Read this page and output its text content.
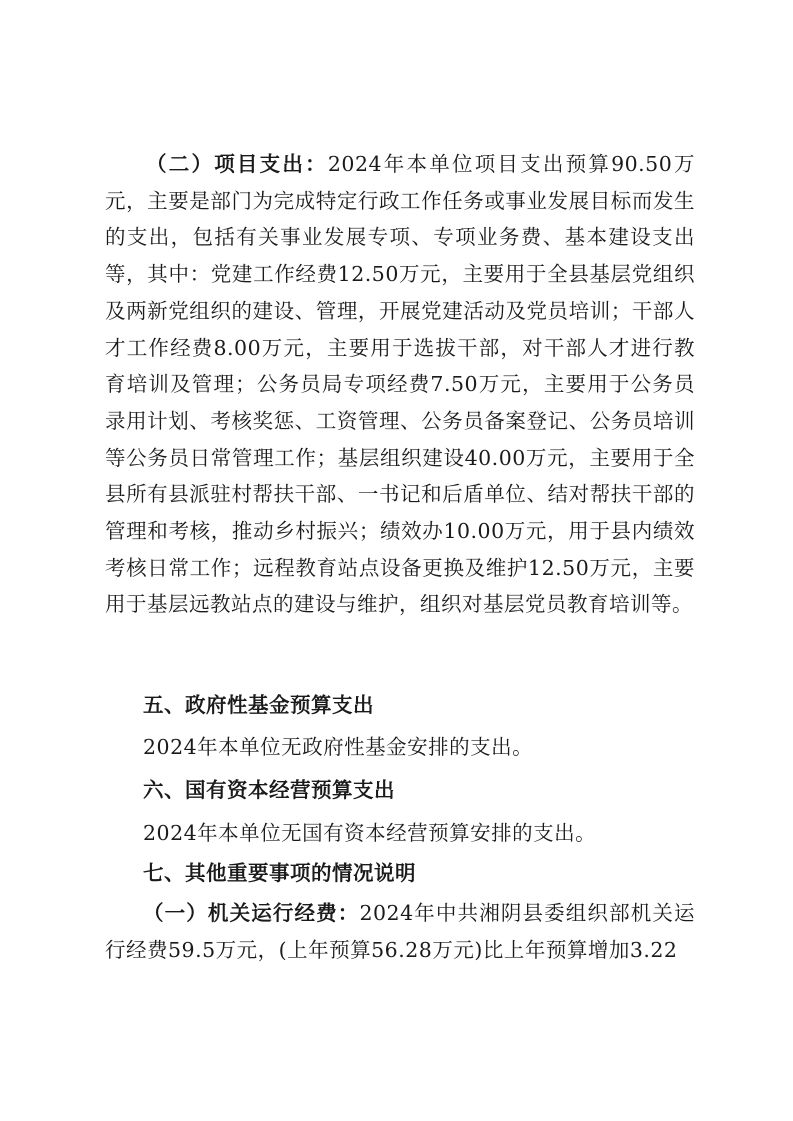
（二）项目支出：2024年本单位项目支出预算90.50万元，主要是部门为完成特定行政工作任务或事业发展目标而发生的支出，包括有关事业发展专项、专项业务费、基本建设支出等，其中：党建工作经费12.50万元，主要用于全县基层党组织及两新党组织的建设、管理，开展党建活动及党员培训；干部人才工作经费8.00万元，主要用于选拔干部，对干部人才进行教育培训及管理；公务员局专项经费7.50万元，主要用于公务员录用计划、考核奖惩、工资管理、公务员备案登记、公务员培训等公务员日常管理工作；基层组织建设40.00万元，主要用于全县所有县派驻村帮扶干部、一书记和后盾单位、结对帮扶干部的管理和考核，推动乡村振兴；绩效办10.00万元，用于县内绩效考核日常工作；远程教育站点设备更换及维护12.50万元，主要用于基层远教站点的建设与维护，组织对基层党员教育培训等。

五、政府性基金预算支出

2024年本单位无政府性基金安排的支出。

六、国有资本经营预算支出

2024年本单位无国有资本经营预算安排的支出。

七、其他重要事项的情况说明

（一）机关运行经费：2024年中共湘阴县委组织部机关运行经费59.5万元，(上年预算56.28万元)比上年预算增加3.22
